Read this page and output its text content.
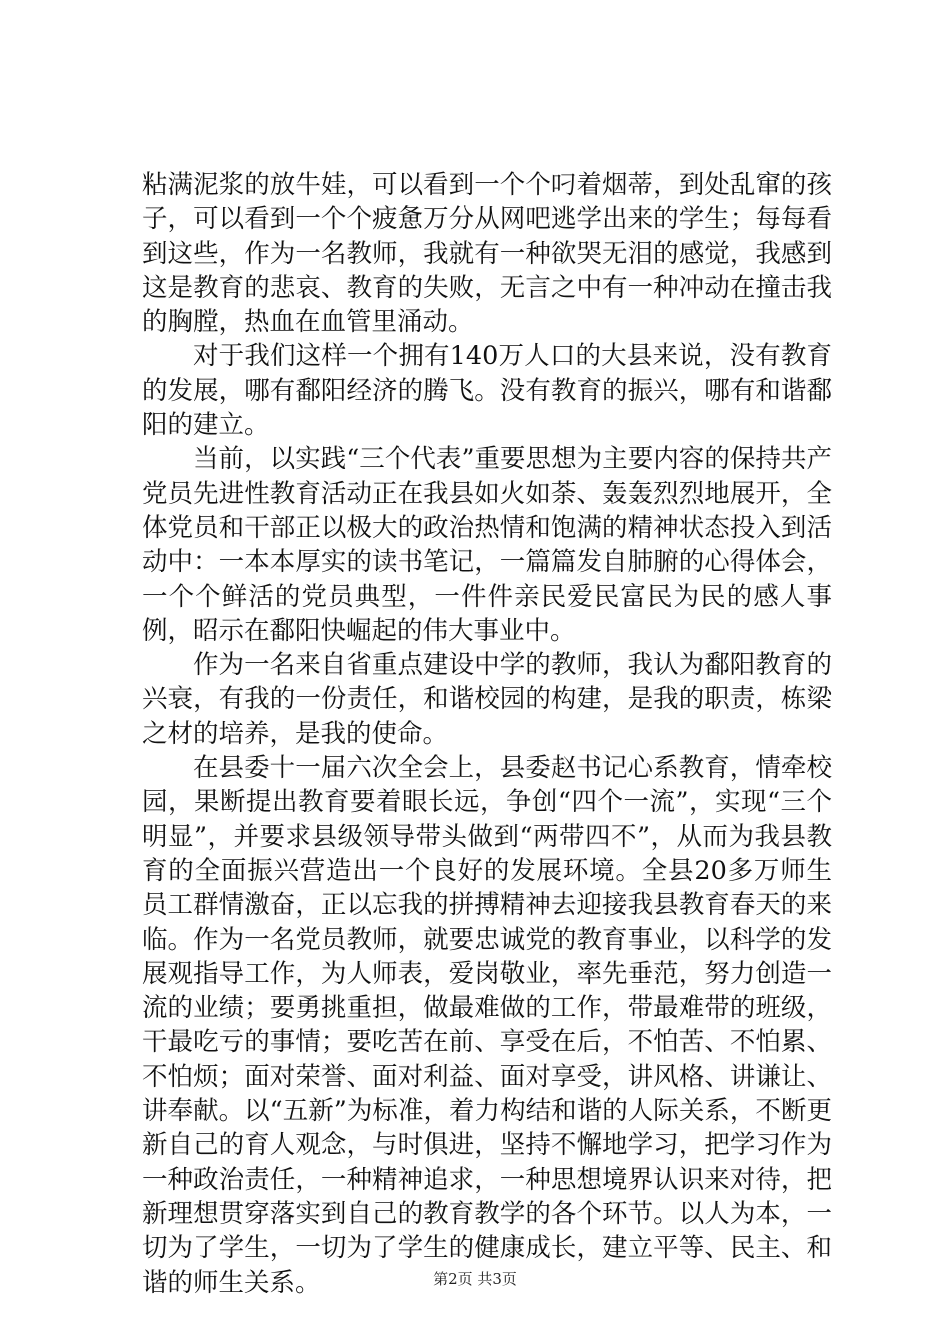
粘满泥浆的放牛娃，可以看到一个个叼着烟蒂，到处乱窜的孩子，可以看到一个个疲惫万分从网吧逃学出来的学生；每每看到这些，作为一名教师，我就有一种欲哭无泪的感觉，我感到这是教育的悲哀、教育的失败，无言之中有一种冲动在撞击我的胸膛，热血在血管里涌动。

对于我们这样一个拥有140万人口的大县来说，没有教育的发展，哪有鄱阳经济的腾飞。没有教育的振兴，哪有和谐鄱阳的建立。

当前，以实践“三个代表”重要思想为主要内容的保持共产党员先进性教育活动正在我县如火如荼、轰轰烈烈地展开，全体党员和干部正以极大的政治热情和饱满的精神状态投入到活动中：一本本厚实的读书笔记，一篇篇发自肺腑的心得体会，一个个鲜活的党员典型，一件件亲民爱民富民为民的感人事例，昭示在鄱阳快崛起的伟大事业中。

作为一名来自省重点建设中学的教师，我认为鄱阳教育的兴衰，有我的一份责任，和谐校园的构建，是我的职责，栋梁之材的培养，是我的使命。

在县委十一届六次全会上，县委赵书记心系教育，情牵校园，果断提出教育要着眼长远，争创“四个一流”，实现“三个明显”，并要求县级领导带头做到“两带四不”，从而为我县教育的全面振兴营造出一个良好的发展环境。全县20多万师生员工群情激奋，正以忘我的拼搏精神去迎接我县教育春天的来临。作为一名党员教师，就要忠诚党的教育事业，以科学的发展观指导工作，为人师表，爱岗敬业，率先垂范，努力创造一流的业绩；要勇挑重担，做最难做的工作，带最难带的班级，干最吃亏的事情；要吃苦在前、享受在后，不怕苦、不怕累、不怕烦；面对荣誉、面对利益、面对享受，讲风格、讲谦让、讲奉献。以“五新”为标准，着力构结和谐的人际关系，不断更新自己的育人观念，与时俱进，坚持不懈地学习，把学习作为一种政治责任，一种精神追求，一种思想境界认识来对待，把新理想贯穿落实到自己的教育教学的各个环节。以人为本，一切为了学生，一切为了学生的健康成长，建立平等、民主、和谐的师生关系。	第2页 共3页
